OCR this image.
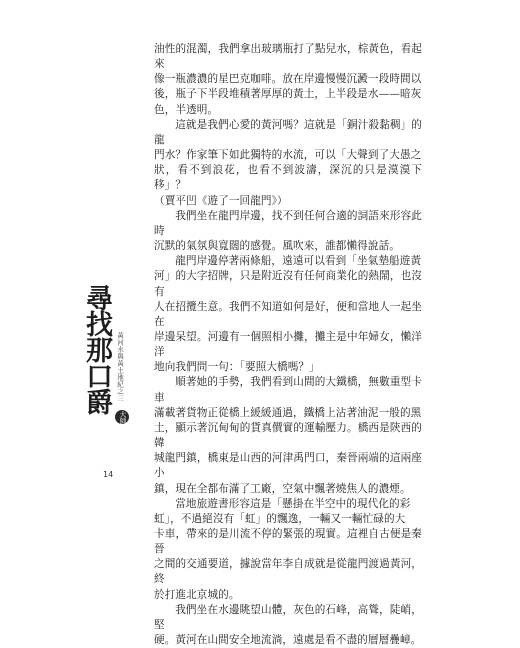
油性的混濁，我們拿出玻璃瓶打了點兒水，棕黃色，看起來
像一瓶濃濃的星巴克咖啡。放在岸邊慢慢沉澱一段時間以
後，瓶子下半段堆積著厚厚的黃土，上半段是水——暗灰
色，半透明。

這就是我們心愛的黃河嗎？這就是「銅汁殺黏稠」的龍
門水？作家筆下如此獨特的水流，可以「大聲到了大愚之
狀，看不到浪花，也看不到波濤，深沉的只是漠漠下移」？
（賈平凹《遊了一回龍門》）

我們坐在龍門岸邊，找不到任何合適的詞語來形容此時
沉默的氣氛與寬闊的感覺。風吹來，誰都懶得說話。

龍門岸邊停著兩條船，遠遠可以看到「坐氣墊船遊黃
河」的大字招牌，只是附近沒有任何商業化的熱鬧，也沒有
人在招攬生意。我們不知道如何是好，便和當地人一起坐在
岸邊呆望。河邊有一個照相小攤，攤主是中年婦女，懶洋洋
地向我們問一句：「要照大橋嗎？」

順著她的手勢，我們看到山間的大鐵橋，無數重型卡車
滿載著貨物正從橋上緩緩通過，鐵橋上沾著油泥一般的黑
土，顯示著沉甸甸的貨真價實的運輸壓力。橋西是陝西的韓
城龍門鎮，橋東是山西的河津禹門口，秦晉兩端的這兩座小
鎮，現在全都布滿了工廠，空氣中飄著燒焦人的濃煙。

當地旅遊書形容這是「懸掛在半空中的現代化的彩
虹」，不過絕沒有「虹」的飄逸，一輛又一輛忙碌的大
卡車，帶來的是川流不停的緊張的現實。這裡自古便是秦晉
之間的交通要道，據說當年李自成就是從龍門渡過黃河，終
於打進北京城的。

我們坐在水邊眺望山體，灰色的石峰，高聳，陡峭，堅
硬。黃河在山間安全地流淌，遠處是看不盡的層層疊嶂。

尋找那口爵 黃河水與黃土地紀之三
大師
14
